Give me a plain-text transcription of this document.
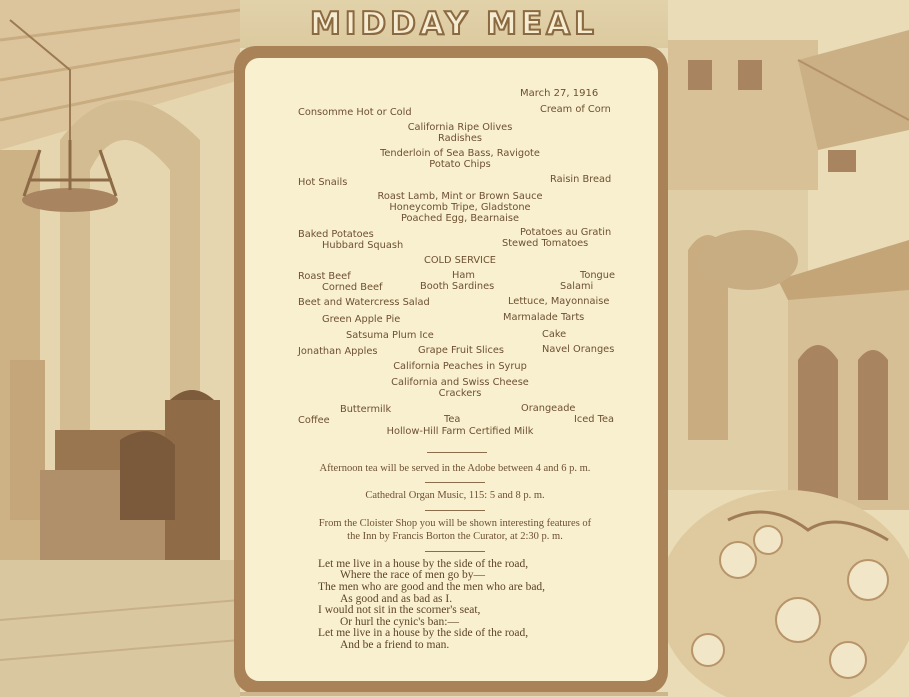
MIDDAY MEAL
March 27, 1916
Consomme Hot or Cold	Cream of Corn
California Ripe Olives
Radishes
Tenderloin of Sea Bass, Ravigote
Potato Chips
Hot Snails	Raisin Bread
Roast Lamb, Mint or Brown Sauce
Honeycomb Tripe, Gladstone
Poached Egg, Bearnaise
Baked Potatoes	Potatoes au Gratin
Hubbard Squash	Stewed Tomatoes
COLD SERVICE
Roast Beef	Ham	Tongue
Corned Beef	Booth Sardines	Salami
Beet and Watercress Salad	Lettuce, Mayonnaise
Green Apple Pie	Marmalade Tarts
Satsuma Plum Ice	Cake
Jonathan Apples	Grape Fruit Slices	Navel Oranges
California Peaches in Syrup
California and Swiss Cheese
Crackers
Buttermilk	Orangeade
Coffee	Tea	Iced Tea
Hollow-Hill Farm Certified Milk
Afternoon tea will be served in the Adobe between 4 and 6 p. m.
Cathedral Organ Music, 115: 5 and 8 p. m.
From the Cloister Shop you will be shown interesting features of
the Inn by Francis Borton the Curator, at 2:30 p. m.
Let me live in a house by the side of the road,
Where the race of men go by—
The men who are good and the men who are bad,
As good and as bad as I.
I would not sit in the scorner's seat,
Or hurl the cynic's ban:—
Let me live in a house by the side of the road,
And be a friend to man.
